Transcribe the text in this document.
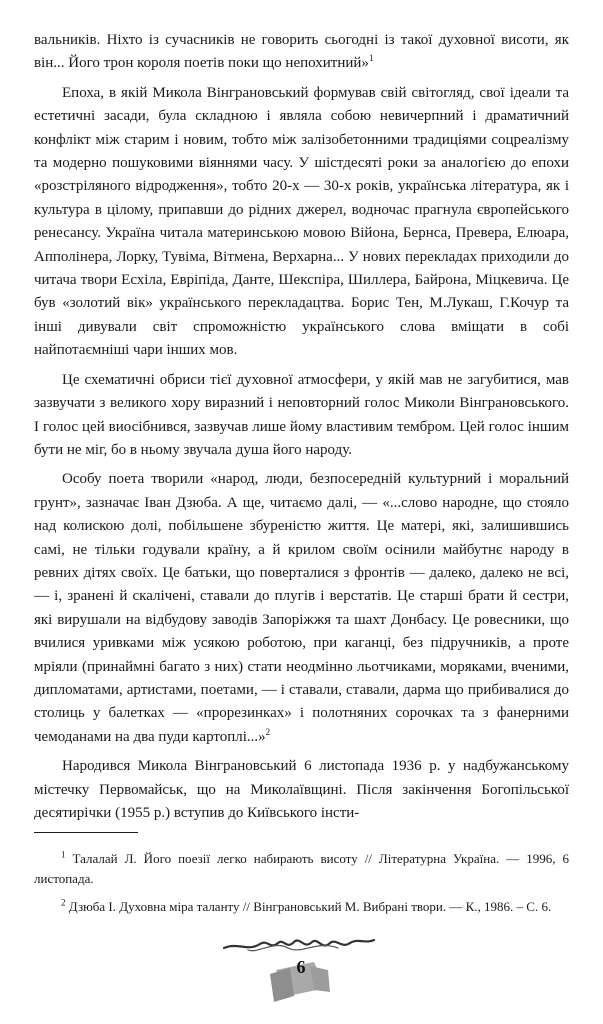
вальників. Ніхто із сучасників не говорить сьогодні із такої духовної висоти, як він... Його трон короля поетів поки що непохитний»$^1$

Епоха, в якій Микола Вінграновський формував свій світогляд, свої ідеали та естетичні засади, була складною і являла собою невичерпний і драматичний конфлікт між старим і новим, тобто між залізобетонними традиціями соцреалізму та модерно пошуковими віяннями часу. У шістдесяті роки за аналогією до епохи «розстріляного відродження», тобто 20-х — 30-х років, українська література, як і культура в цілому, припавши до рідних джерел, водночас прагнула європейського ренесансу. Україна читала материнською мовою Війона, Бернса, Превера, Елюара, Апполінера, Лорку, Тувіма, Вітмена, Верхарна... У нових перекладах приходили до читача твори Есхіла, Евріпіда, Данте, Шекспіра, Шиллера, Байрона, Міцкевича. Це був «золотий вік» українського перекладацтва. Борис Тен, М.Лукаш, Г.Кочур та інші дивували світ спроможністю українського слова вміщати в собі найпотаємніші чари інших мов.

Це схематичні обриси тієї духовної атмосфери, у якій мав не загубитися, мав зазвучати з великого хору виразний і неповторний голос Миколи Вінграновського. І голос цей виосібнився, зазвучав лише йому властивим тембром. Цей голос іншим бути не міг, бо в ньому звучала душа його народу.

Особу поета творили «народ, люди, безпосередній культурний і моральний грунт», зазначає Іван Дзюба. А ще, читаємо далі, — «...слово народне, що стояло над колискою долі, побільшене збуреністю життя. Це матері, які, залишившись самі, не тільки годували країну, а й крилом своїм осінили майбутнє народу в ревних дітях своїх. Це батьки, що поверталися з фронтів — далеко, далеко не всі, — і, зранені й скалічені, ставали до плугів і верстатів. Це старші брати й сестри, які вирушали на відбудову заводів Запоріжжя та шахт Донбасу. Це ровесники, що вчилися уривками між усякою роботою, при каганці, без підручників, а проте мріяли (принаймні багато з них) стати неодмінно льотчиками, моряками, вченими, дипломатами, артистами, поетами, — і ставали, ставали, дарма що прибивалися до столиць у балетках — «прорезинках» і полотняних сорочках та з фанерними чемоданами на два пуди картоплі...»$^2$

Народився Микола Вінграновський 6 листопада 1936 р. у надбужанському містечку Первомайськ, що на Миколаївщині. Після закінчення Богопільської десятирічки (1955 р.) вступив до Київського інсти-

$^1$ Талалай Л. Його поезії легко набирають висоту // Літературна Україна. — 1996, 6 листопада.

$^2$ Дзюба І. Духовна міра таланту // Вінграновський М. Вибрані твори. — К., 1986. – С. 6.

6
